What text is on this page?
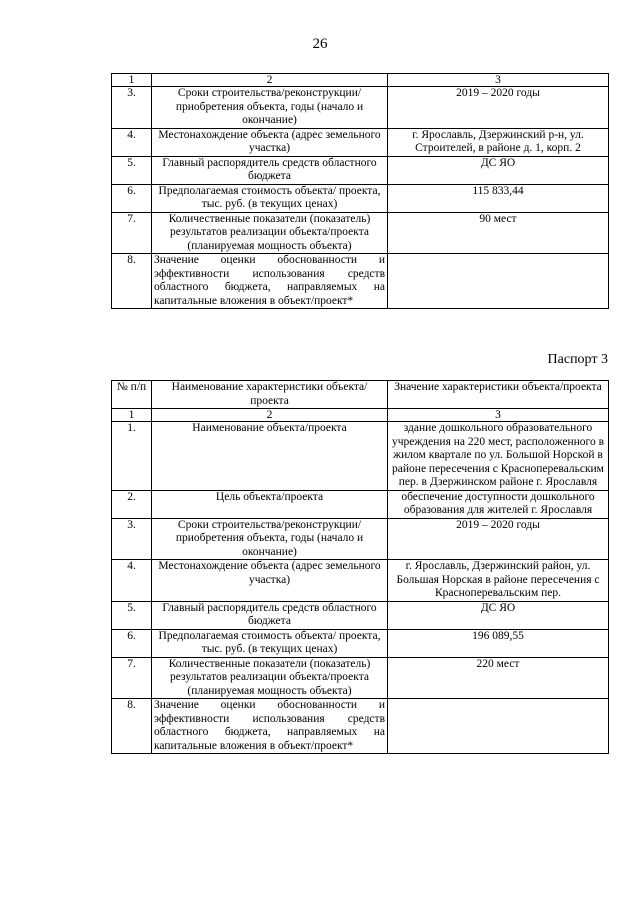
26
1	2	3
3.	Сроки строительства/реконструкции/ приобретения объекта, годы (начало и окончание)	2019 – 2020 годы
4.	Местонахождение объекта (адрес земельного участка)	г. Ярославль, Дзержинский р-н, ул. Строителей, в районе д. 1, корп. 2
5.	Главный распорядитель средств областного бюджета	ДС ЯО
6.	Предполагаемая стоимость объекта/ проекта, тыс. руб. (в текущих ценах)	115 833,44
7.	Количественные показатели (показатель) результатов реализации объекта/проекта (планируемая мощность объекта)	90 мест
8.	Значение оценки обоснованности и эффективности использования средств областного бюджета, направляемых на капитальные вложения в объект/проект*	
Паспорт 3
№ п/п	Наименование характеристики объекта/проекта	Значение характеристики объекта/проекта
1	2	3
1.	Наименование объекта/проекта	здание дошкольного образовательного учреждения на 220 мест, расположенного в жилом квартале по ул. Большой Норской в районе пересечения с Красноперевальским пер. в Дзержинском районе г. Ярославля
2.	Цель объекта/проекта	обеспечение доступности дошкольного образования для жителей г. Ярославля
3.	Сроки строительства/реконструкции/ приобретения объекта, годы (начало и окончание)	2019 – 2020 годы
4.	Местонахождение объекта (адрес земельного участка)	г. Ярославль, Дзержинский район, ул. Большая Норская в районе пересечения с Красноперевальским пер.
5.	Главный распорядитель средств областного бюджета	ДС ЯО
6.	Предполагаемая стоимость объекта/ проекта, тыс. руб. (в текущих ценах)	196 089,55
7.	Количественные показатели (показатель) результатов реализации объекта/проекта (планируемая мощность объекта)	220 мест
8.	Значение оценки обоснованности и эффективности использования средств областного бюджета, направляемых на капитальные вложения в объект/проект*	
